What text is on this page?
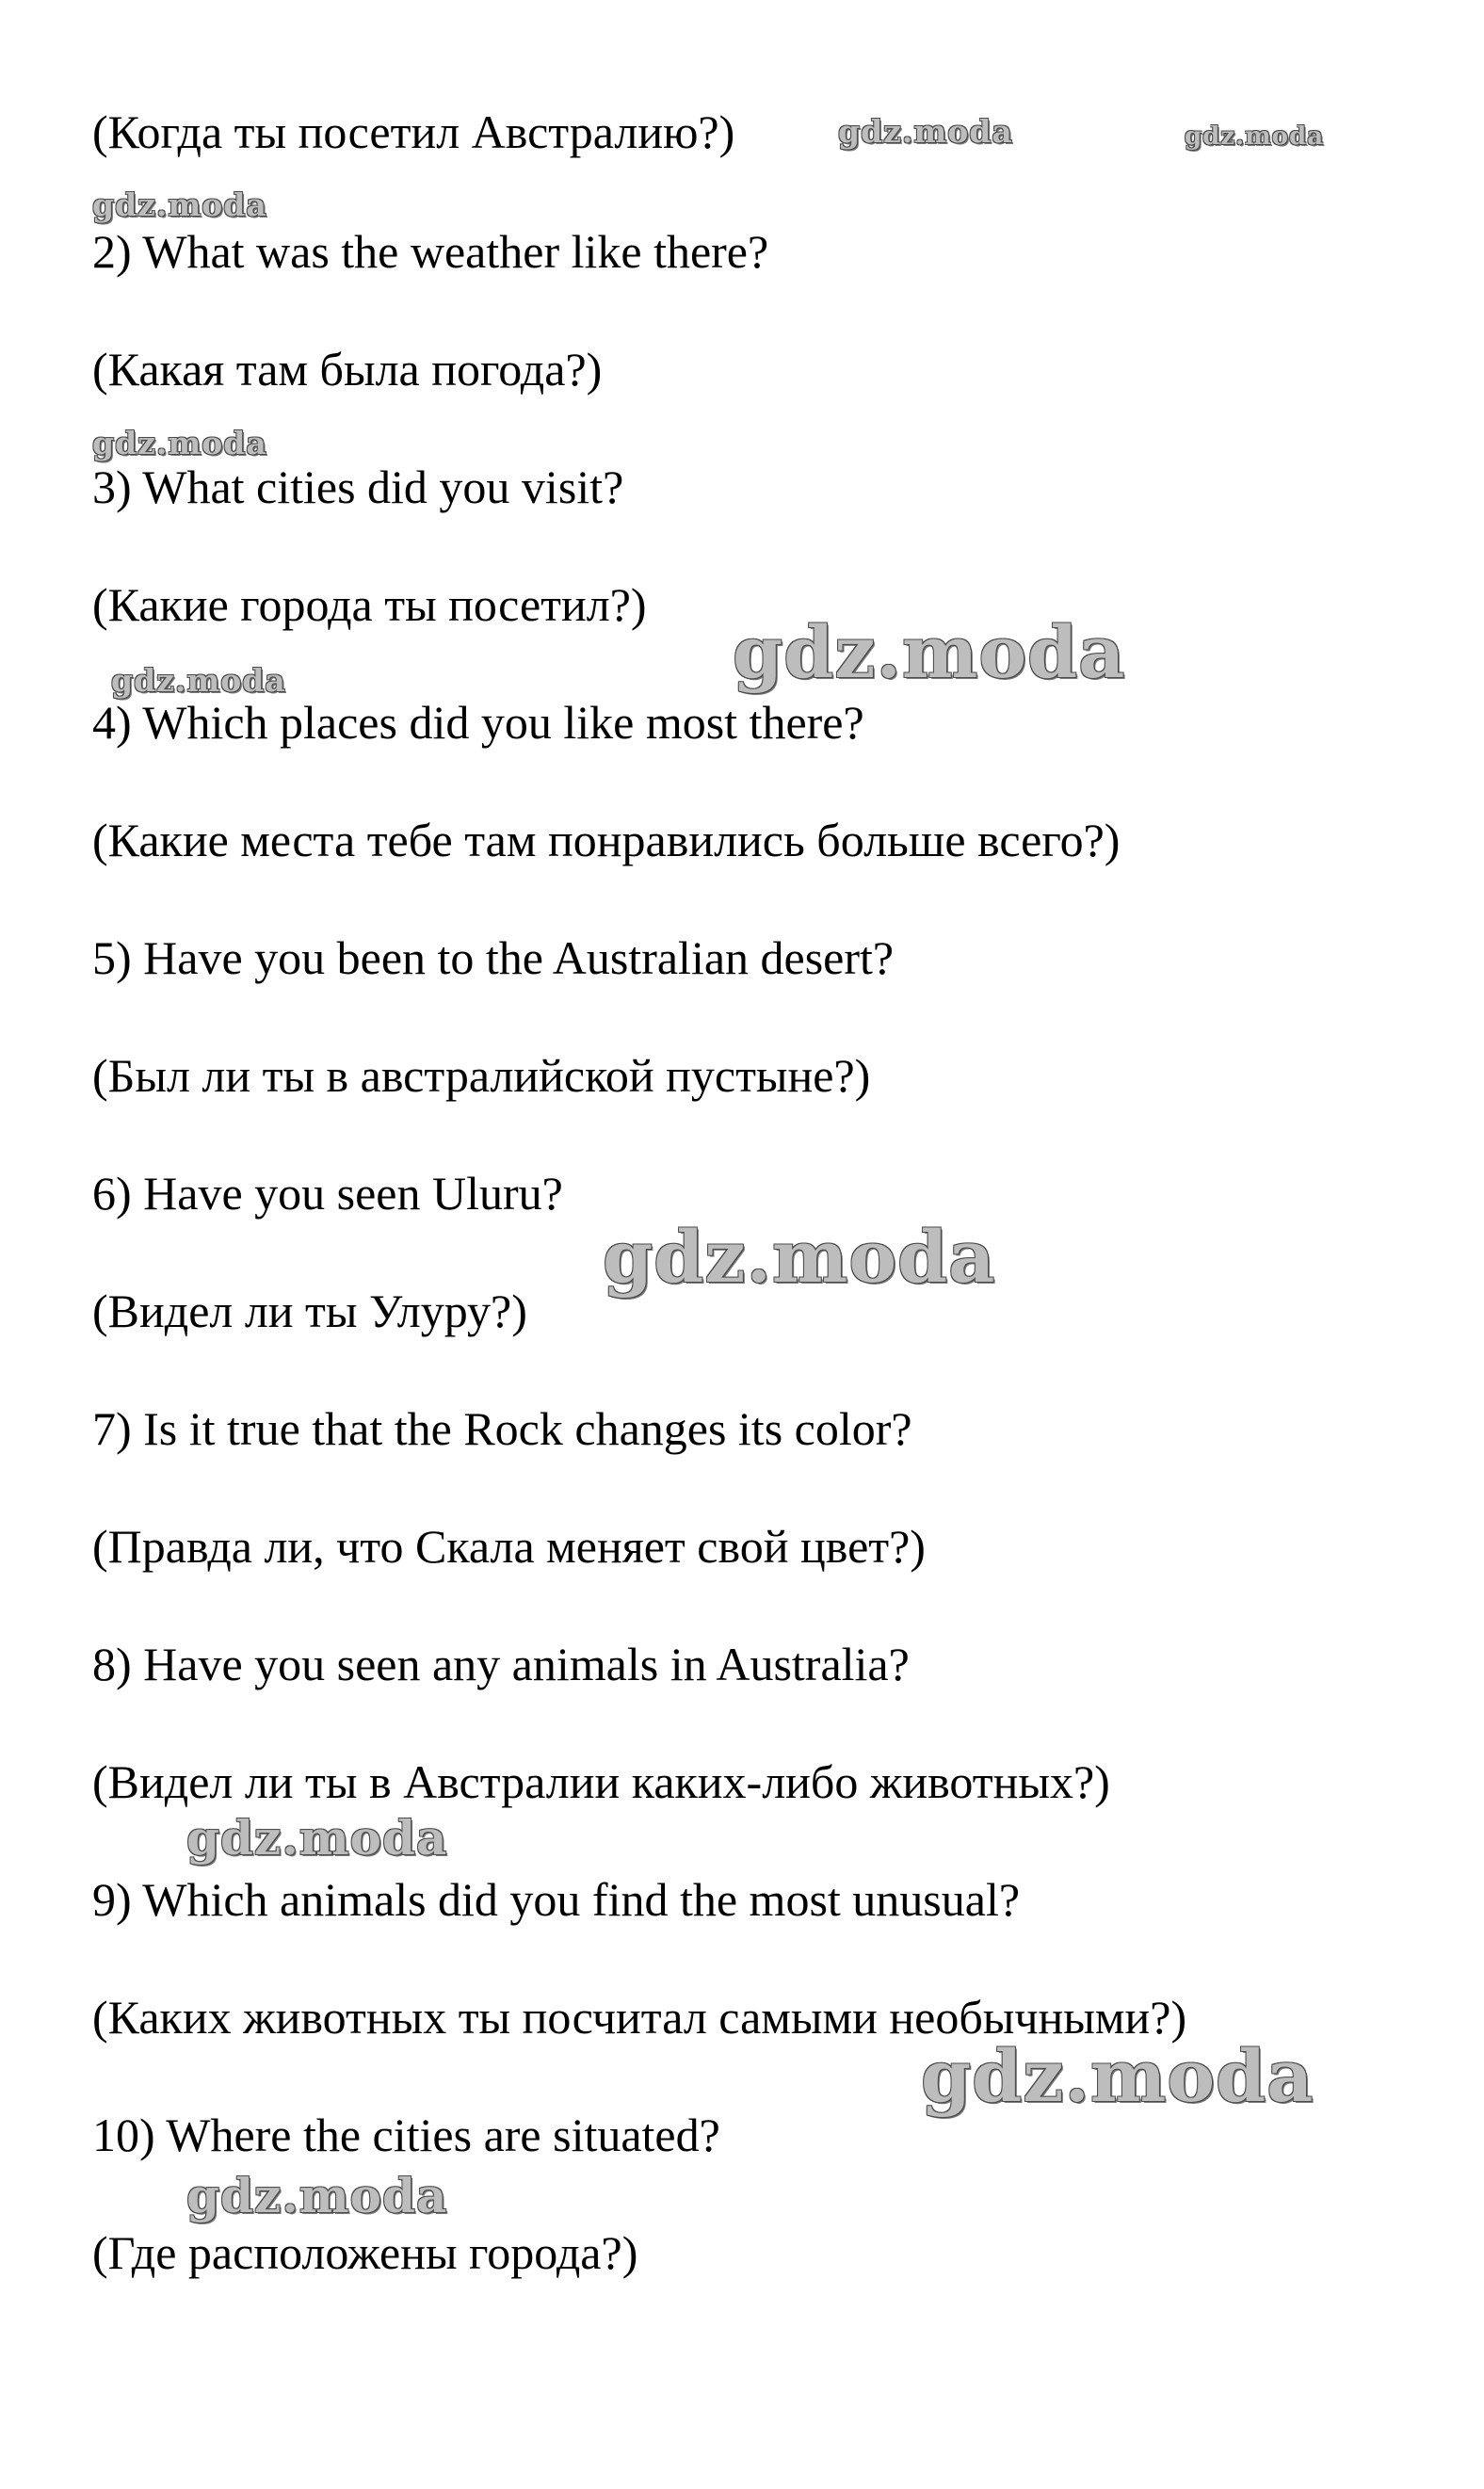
(Когда ты посетил Австралию?)
2) What was the weather like there?
(Какая там была погода?)
3) What cities did you visit?
(Какие города ты посетил?)
4) Which places did you like most there?
(Какие места тебе там понравились больше всего?)
5) Have you been to the Australian desert?
(Был ли ты в австралийской пустыне?)
6) Have you seen Uluru?
(Видел ли ты Улуру?)
7) Is it true that the Rock changes its color?
(Правда ли, что Скала меняет свой цвет?)
8) Have you seen any animals in Australia?
(Видел ли ты в Австралии каких-либо животных?)
9) Which animals did you find the most unusual?
(Каких животных ты посчитал самыми необычными?)
10) Where the cities are situated?
(Где расположены города?)
gdz.moda	gdz.moda
gdz.moda
gdz.moda
gdz.moda
gdz.moda
gdz.moda
gdz.moda
gdz.moda
gdz.moda
